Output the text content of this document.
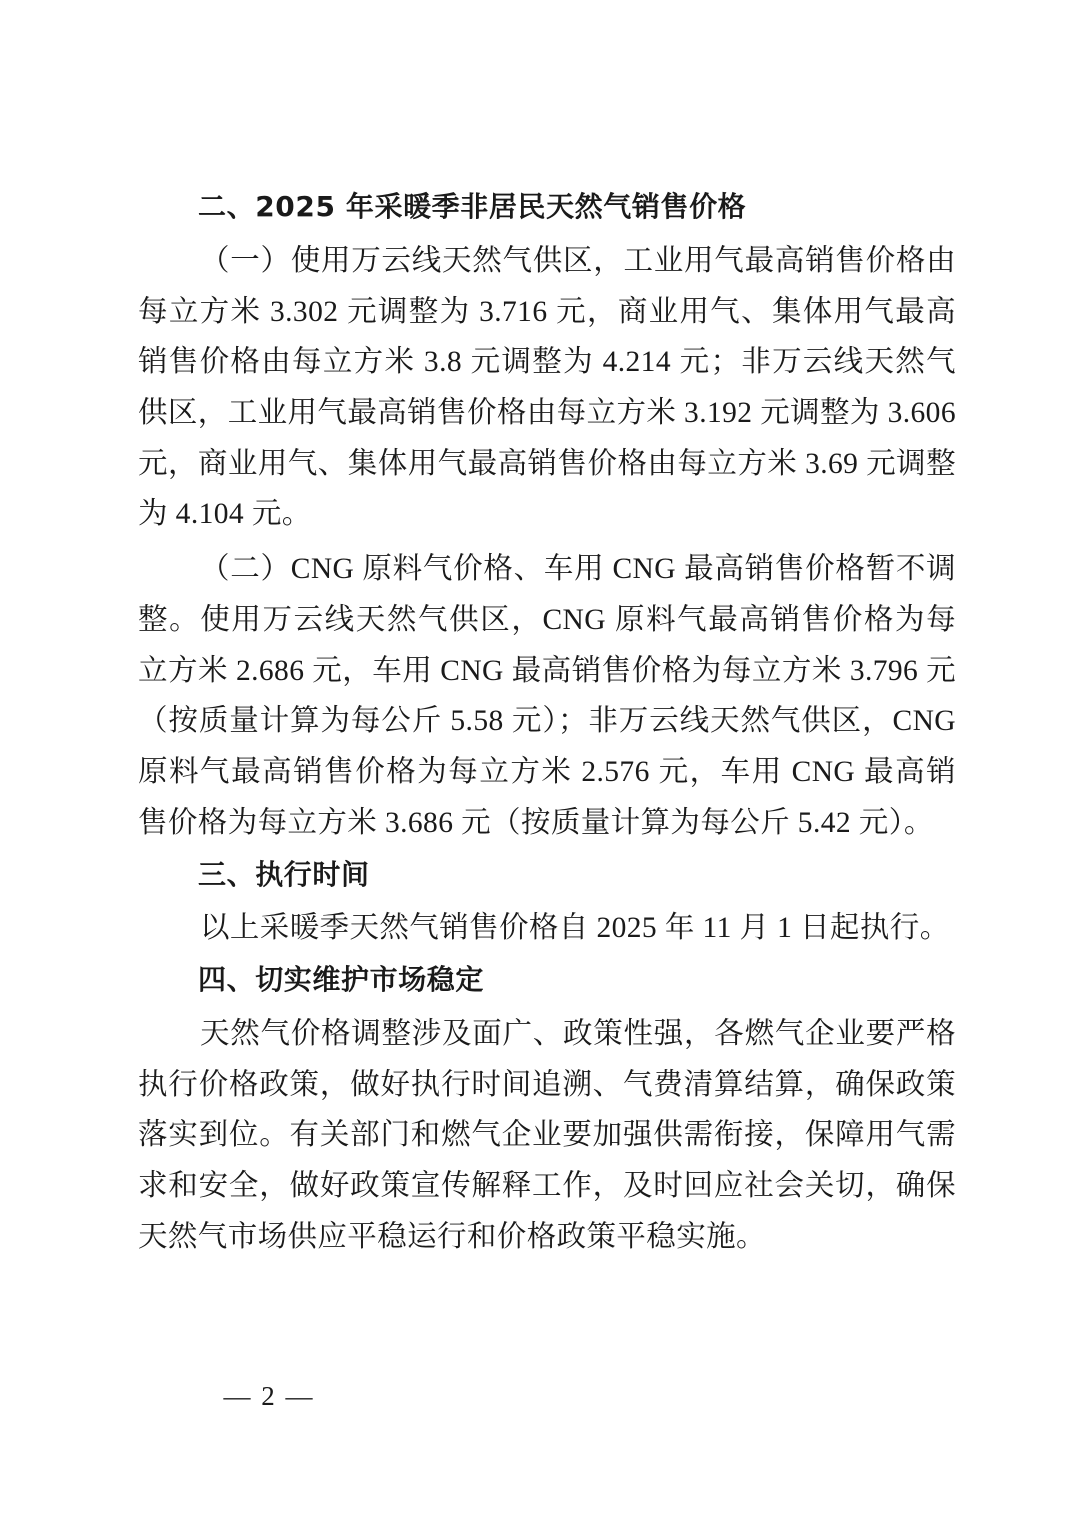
二、2025 年采暖季非居民天然气销售价格

（一）使用万云线天然气供区，工业用气最高销售价格由每立方米 3.302 元调整为 3.716 元，商业用气、集体用气最高销售价格由每立方米 3.8 元调整为 4.214 元；非万云线天然气供区，工业用气最高销售价格由每立方米 3.192 元调整为 3.606 元，商业用气、集体用气最高销售价格由每立方米 3.69 元调整为 4.104 元。

（二）CNG 原料气价格、车用 CNG 最高销售价格暂不调整。使用万云线天然气供区，CNG 原料气最高销售价格为每立方米 2.686 元，车用 CNG 最高销售价格为每立方米 3.796 元（按质量计算为每公斤 5.58 元）；非万云线天然气供区，CNG 原料气最高销售价格为每立方米 2.576 元，车用 CNG 最高销售价格为每立方米 3.686 元（按质量计算为每公斤 5.42 元）。

三、执行时间

以上采暖季天然气销售价格自 2025 年 11 月 1 日起执行。

四、切实维护市场稳定

天然气价格调整涉及面广、政策性强，各燃气企业要严格执行价格政策，做好执行时间追溯、气费清算结算，确保政策落实到位。有关部门和燃气企业要加强供需衔接，保障用气需求和安全，做好政策宣传解释工作，及时回应社会关切，确保天然气市场供应平稳运行和价格政策平稳实施。

— 2 —
